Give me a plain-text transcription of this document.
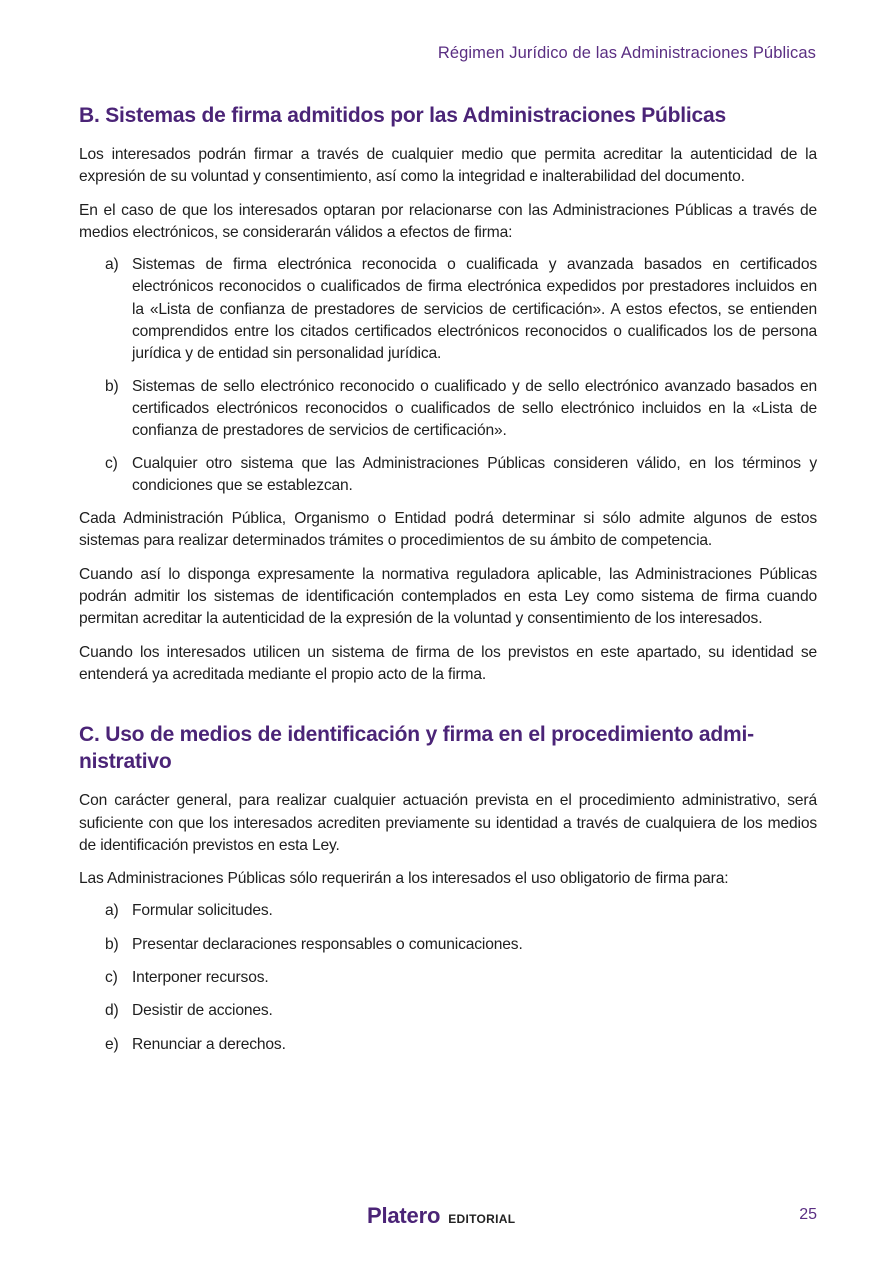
Régimen Jurídico de las Administraciones Públicas
B. Sistemas de firma admitidos por las Administraciones Públicas

Los interesados podrán firmar a través de cualquier medio que permita acreditar la autenticidad de la expresión de su voluntad y consentimiento, así como la integridad e inalterabilidad del documento.

En el caso de que los interesados optaran por relacionarse con las Administraciones Públicas a través de medios electrónicos, se considerarán válidos a efectos de firma:

a) Sistemas de firma electrónica reconocida o cualificada y avanzada basados en certificados electrónicos reconocidos o cualificados de firma electrónica expedidos por prestadores incluidos en la «Lista de confianza de prestadores de servicios de certificación». A estos efectos, se entienden comprendidos entre los citados certificados electrónicos reconocidos o cualificados los de persona jurídica y de entidad sin personalidad jurídica.
b) Sistemas de sello electrónico reconocido o cualificado y de sello electrónico avanzado basados en certificados electrónicos reconocidos o cualificados de sello electrónico incluidos en la «Lista de confianza de prestadores de servicios de certificación».
c) Cualquier otro sistema que las Administraciones Públicas consideren válido, en los términos y condiciones que se establezcan.

Cada Administración Pública, Organismo o Entidad podrá determinar si sólo admite algunos de estos sistemas para realizar determinados trámites o procedimientos de su ámbito de competencia.

Cuando así lo disponga expresamente la normativa reguladora aplicable, las Administraciones Públicas podrán admitir los sistemas de identificación contemplados en esta Ley como sistema de firma cuando permitan acreditar la autenticidad de la expresión de la voluntad y consentimiento de los interesados.

Cuando los interesados utilicen un sistema de firma de los previstos en este apartado, su identidad se entenderá ya acreditada mediante el propio acto de la firma.

C. Uso de medios de identificación y firma en el procedimiento administrativo

Con carácter general, para realizar cualquier actuación prevista en el procedimiento administrativo, será suficiente con que los interesados acrediten previamente su identidad a través de cualquiera de los medios de identificación previstos en esta Ley.

Las Administraciones Públicas sólo requerirán a los interesados el uso obligatorio de firma para:

a) Formular solicitudes.
b) Presentar declaraciones responsables o comunicaciones.
c) Interponer recursos.
d) Desistir de acciones.
e) Renunciar a derechos.
Platero EDITORIAL	25
